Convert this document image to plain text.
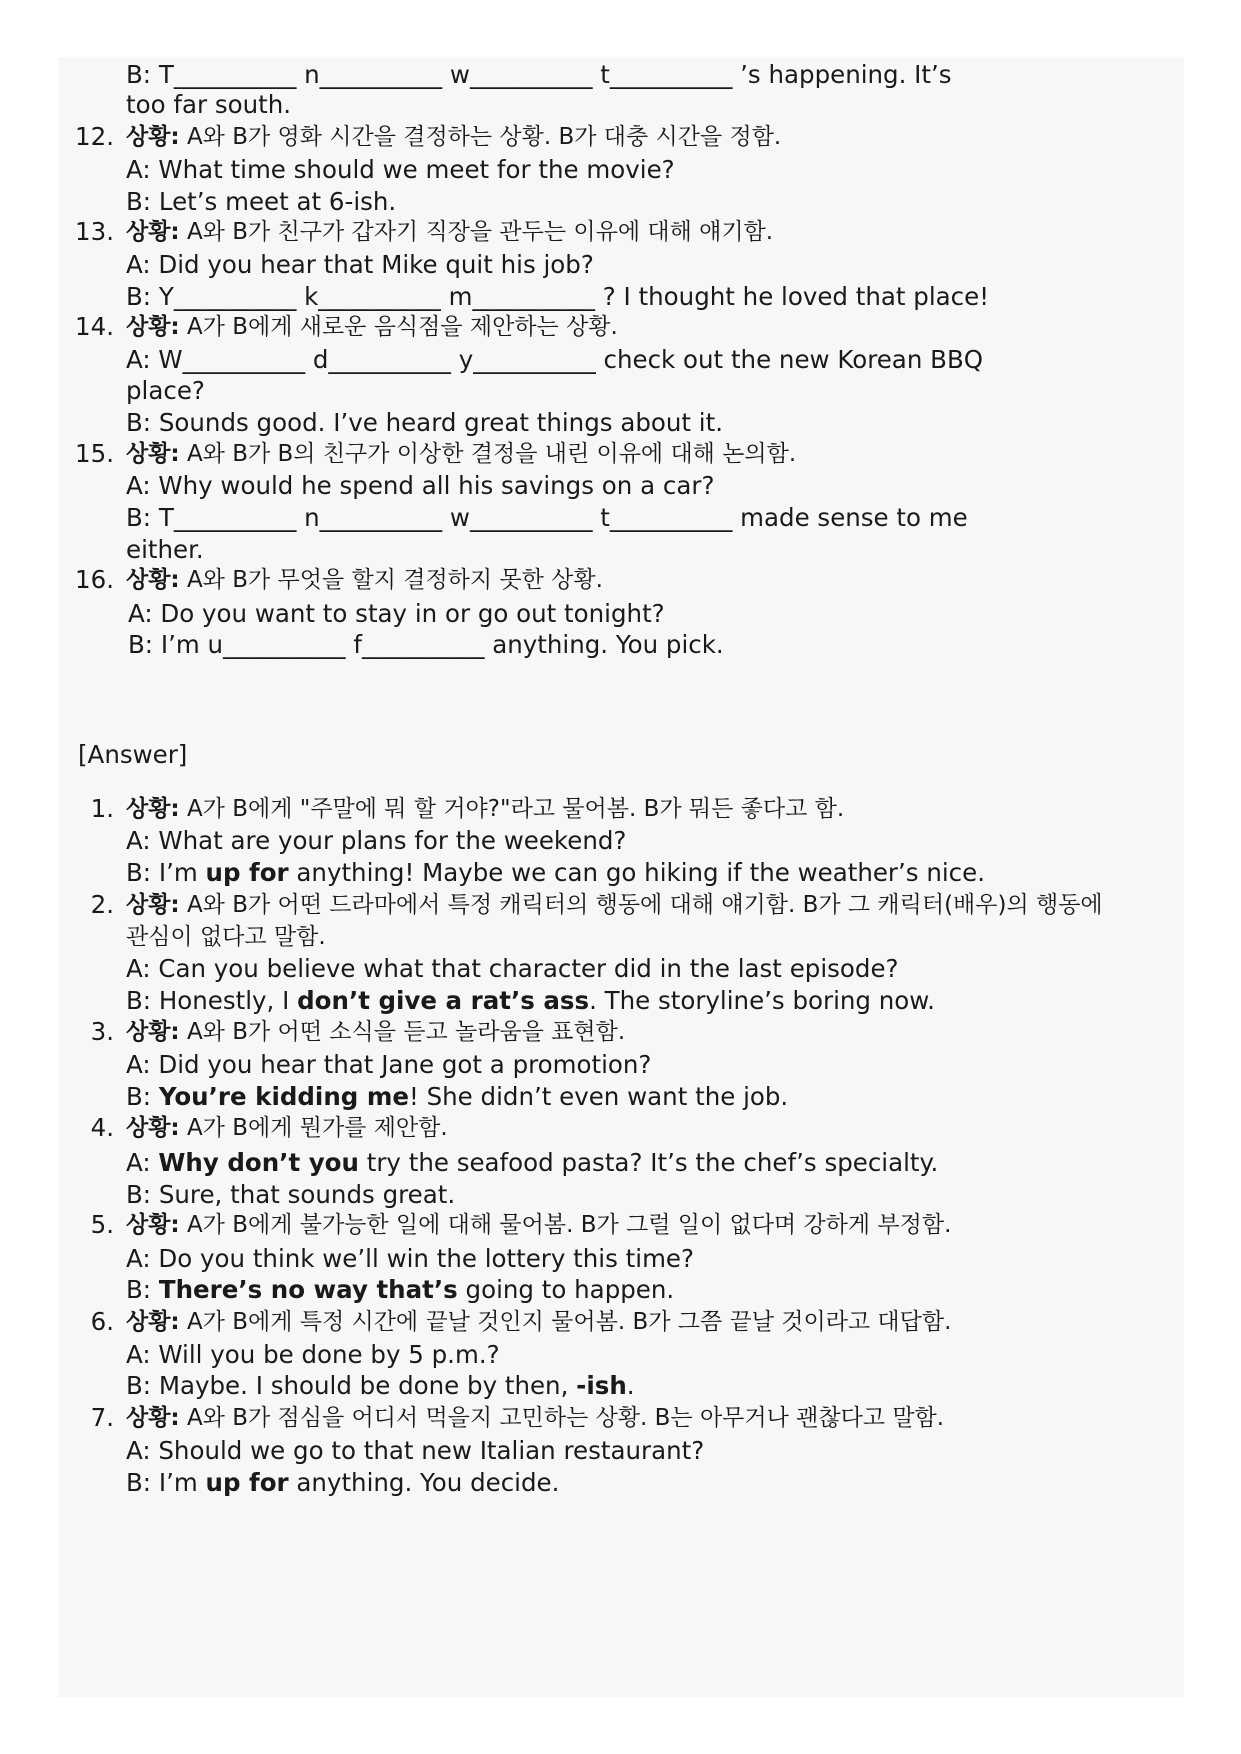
B: T__________ n__________ w__________ t__________ ’s happening. It’s
too far south.
12. 상황: A와 B가 영화 시간을 결정하는 상황. B가 대충 시간을 정함.
A: What time should we meet for the movie?
B: Let’s meet at 6-ish.
13. 상황: A와 B가 친구가 갑자기 직장을 관두는 이유에 대해 얘기함.
A: Did you hear that Mike quit his job?
B: Y__________ k__________ m__________ ? I thought he loved that place!
14. 상황: A가 B에게 새로운 음식점을 제안하는 상황.
A: W__________ d__________ y__________ check out the new Korean BBQ
place?
B: Sounds good. I’ve heard great things about it.
15. 상황: A와 B가 B의 친구가 이상한 결정을 내린 이유에 대해 논의함.
A: Why would he spend all his savings on a car?
B: T__________ n__________ w__________ t__________ made sense to me
either.
16. 상황: A와 B가 무엇을 할지 결정하지 못한 상황.
A: Do you want to stay in or go out tonight?
B: I’m u__________ f__________ anything. You pick.
[Answer]
1. 상황: A가 B에게 "주말에 뭐 할 거야?"라고 물어봄. B가 뭐든 좋다고 함.
A: What are your plans for the weekend?
B: I’m up for anything! Maybe we can go hiking if the weather’s nice.
2. 상황: A와 B가 어떤 드라마에서 특정 캐릭터의 행동에 대해 얘기함. B가 그 캐릭터(배우)의 행동에
관심이 없다고 말함.
A: Can you believe what that character did in the last episode?
B: Honestly, I don’t give a rat’s ass. The storyline’s boring now.
3. 상황: A와 B가 어떤 소식을 듣고 놀라움을 표현함.
A: Did you hear that Jane got a promotion?
B: You’re kidding me! She didn’t even want the job.
4. 상황: A가 B에게 뭔가를 제안함.
A: Why don’t you try the seafood pasta? It’s the chef’s specialty.
B: Sure, that sounds great.
5. 상황: A가 B에게 불가능한 일에 대해 물어봄. B가 그럴 일이 없다며 강하게 부정함.
A: Do you think we’ll win the lottery this time?
B: There’s no way that’s going to happen.
6. 상황: A가 B에게 특정 시간에 끝날 것인지 물어봄. B가 그쯤 끝날 것이라고 대답함.
A: Will you be done by 5 p.m.?
B: Maybe. I should be done by then, -ish.
7. 상황: A와 B가 점심을 어디서 먹을지 고민하는 상황. B는 아무거나 괜찮다고 말함.
A: Should we go to that new Italian restaurant?
B: I’m up for anything. You decide.
